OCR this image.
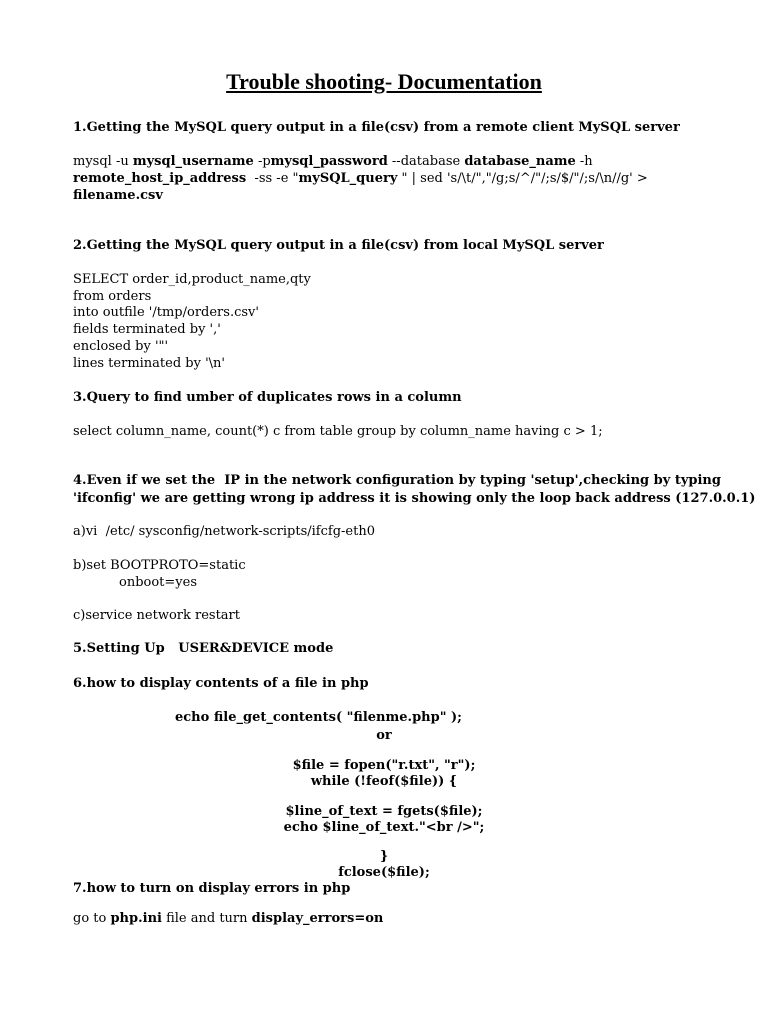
Trouble shooting- Documentation
1.Getting the MySQL query output in a file(csv) from a remote client MySQL server
mysql -u mysql_username -pmysql_password --database database_name -h
remote_host_ip_address  -ss -e "mySQL_query " | sed 's/\t/","/g;s/^/"/;s/$/"/;s/\n//g' >
filename.csv
2.Getting the MySQL query output in a file(csv) from local MySQL server
SELECT order_id,product_name,qty
from orders
into outfile '/tmp/orders.csv'
fields terminated by ','
enclosed by '"'
lines terminated by '\n'
3.Query to find umber of duplicates rows in a column
select column_name, count(*) c from table group by column_name having c > 1;
4.Even if we set the  IP in the network configuration by typing 'setup',checking by typing
'ifconfig' we are getting wrong ip address it is showing only the loop back address (127.0.0.1)
a)vi  /etc/ sysconfig/network-scripts/ifcfg-eth0
b)set BOOTPROTO=static
onboot=yes
c)service network restart
5.Setting Up   USER&DEVICE mode
6.how to display contents of a file in php
echo file_get_contents( "filenme.php" );
or
$file = fopen("r.txt", "r");
while (!feof($file)) {
$line_of_text = fgets($file);
echo $line_of_text."<br />";
}
fclose($file);
7.how to turn on display errors in php
go to php.ini file and turn display_errors=on
